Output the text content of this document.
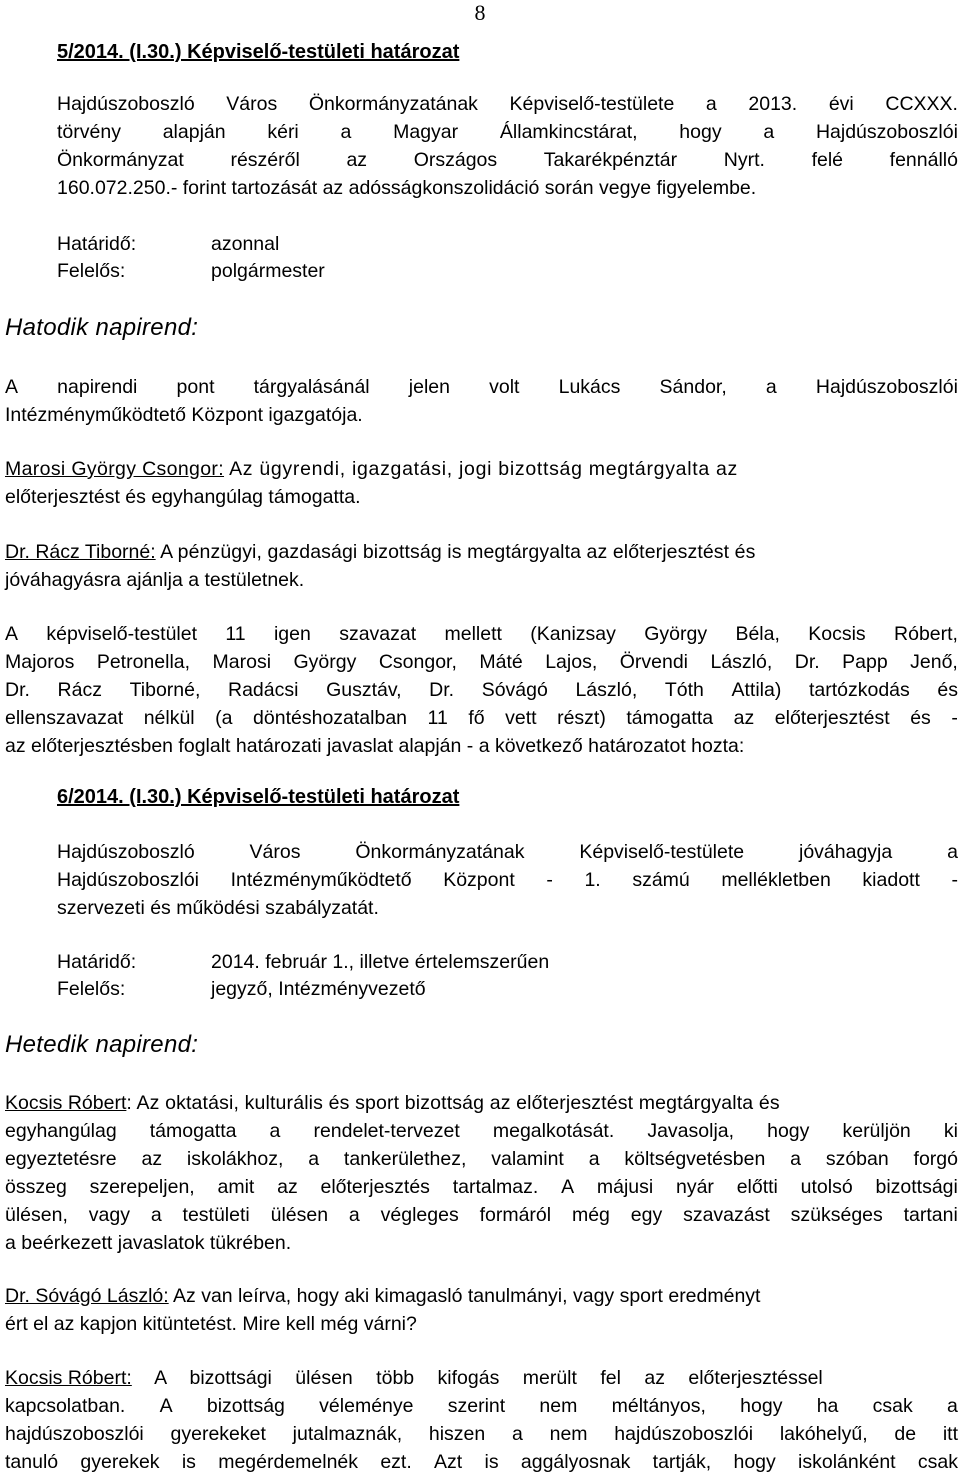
8
5/2014. (I.30.) Képviselő-testületi határozat
Hajdúszoboszló Város Önkormányzatának Képviselő-testülete a 2013. évi CCXXX.
törvény alapján kéri a Magyar Államkincstárat, hogy a Hajdúszoboszlói
Önkormányzat részéről az Országos Takarékpénztár Nyrt. felé fennálló
160.072.250.- forint tartozását az adósságkonszolidáció során vegye figyelembe.
Határidő:	azonnal
Felelős:	polgármester
Hatodik napirend:
A napirendi pont tárgyalásánál jelen volt Lukács Sándor, a Hajdúszoboszlói
Intézményműködtető Központ igazgatója.
Marosi György Csongor: Az ügyrendi, igazgatási, jogi bizottság megtárgyalta az
előterjesztést és egyhangúlag támogatta.
Dr. Rácz Tiborné: A pénzügyi, gazdasági bizottság is megtárgyalta az előterjesztést és
jóváhagyásra ajánlja a testületnek.
A képviselő-testület 11 igen szavazat mellett (Kanizsay György Béla, Kocsis Róbert,
Majoros Petronella, Marosi György Csongor, Máté Lajos, Örvendi László, Dr. Papp Jenő,
Dr. Rácz Tiborné, Radácsi Gusztáv, Dr. Sóvágó László, Tóth Attila) tartózkodás és
ellenszavazat nélkül (a döntéshozatalban 11 fő vett részt) támogatta az előterjesztést és -
az előterjesztésben foglalt határozati javaslat alapján - a következő határozatot hozta:
6/2014. (I.30.) Képviselő-testületi határozat
Hajdúszoboszló	Város	Önkormányzatának	Képviselő-testülete	jóváhagyja	a
Hajdúszoboszlói Intézményműködtető Központ - 1. számú mellékletben kiadott -
szervezeti és működési szabályzatát.
Határidő:	2014. február 1., illetve értelemszerűen
Felelős:	jegyző, Intézményvezető
Hetedik napirend:
Kocsis Róbert : Az oktatási, kulturális és sport bizottság az előterjesztést megtárgyalta és
egyhangúlag támogatta a rendelet-tervezet megalkotását. Javasolja, hogy kerüljön ki
egyeztetésre az iskolákhoz, a tankerülethez, valamint a költségvetésben a szóban forgó
összeg szerepeljen, amit az előterjesztés tartalmaz. A májusi nyár előtti utolsó bizottsági
ülésen, vagy a testületi ülésen a végleges formáról még egy szavazást szükséges tartani
a beérkezett javaslatok tükrében.
Dr. Sóvágó László: Az van leírva, hogy aki kimagasló tanulmányi, vagy sport eredményt
ért el az kapjon kitüntetést. Mire kell még várni?
Kocsis Róbert: A bizottsági ülésen több kifogás merült fel az előterjesztéssel
kapcsolatban. A bizottság véleménye szerint nem méltányos, hogy ha csak a
hajdúszoboszlói gyerekeket jutalmaznák, hiszen a nem hajdúszoboszlói lakóhelyű, de itt
tanuló gyerekek is megérdemelnék ezt. Azt is aggályosnak tartják, hogy iskolánként csak
